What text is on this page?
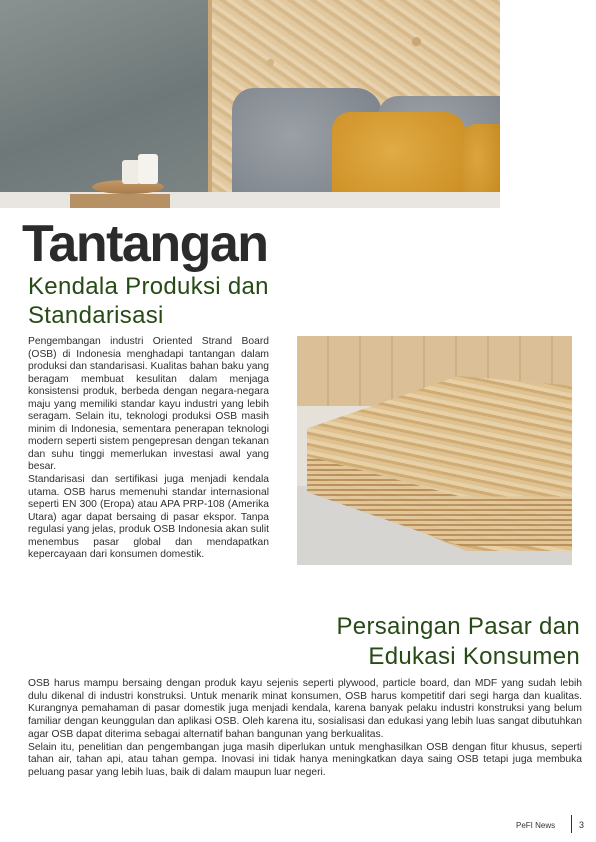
Tantangan
Kendala Produksi dan Standarisasi

Pengembangan industri Oriented Strand Board (OSB) di Indonesia menghadapi tantangan dalam produksi dan standarisasi. Kualitas bahan baku yang beragam membuat kesulitan dalam menjaga konsistensi produk, berbeda dengan negara-negara maju yang memiliki standar kayu industri yang lebih seragam. Selain itu, teknologi produksi OSB masih minim di Indonesia, sementara penerapan teknologi modern seperti sistem pengepresan dengan tekanan dan suhu tinggi memerlukan investasi awal yang besar.

Standarisasi dan sertifikasi juga menjadi kendala utama. OSB harus memenuhi standar internasional seperti EN 300 (Eropa) atau APA PRP-108 (Amerika Utara) agar dapat bersaing di pasar ekspor. Tanpa regulasi yang jelas, produk OSB Indonesia akan sulit menembus pasar global dan mendapatkan kepercayaan dari konsumen domestik.

Persaingan Pasar dan Edukasi Konsumen

OSB harus mampu bersaing dengan produk kayu sejenis seperti plywood, particle board, dan MDF yang sudah lebih dulu dikenal di industri konstruksi. Untuk menarik minat konsumen, OSB harus kompetitif dari segi harga dan kualitas. Kurangnya pemahaman di pasar domestik juga menjadi kendala, karena banyak pelaku industri konstruksi yang belum familiar dengan keunggulan dan aplikasi OSB. Oleh karena itu, sosialisasi dan edukasi yang lebih luas sangat dibutuhkan agar OSB dapat diterima sebagai alternatif bahan bangunan yang berkualitas.

Selain itu, penelitian dan pengembangan juga masih diperlukan untuk menghasilkan OSB dengan fitur khusus, seperti tahan air, tahan api, atau tahan gempa. Inovasi ini tidak hanya meningkatkan daya saing OSB tetapi juga membuka peluang pasar yang lebih luas, baik di dalam maupun luar negeri.

PeFI News	3
